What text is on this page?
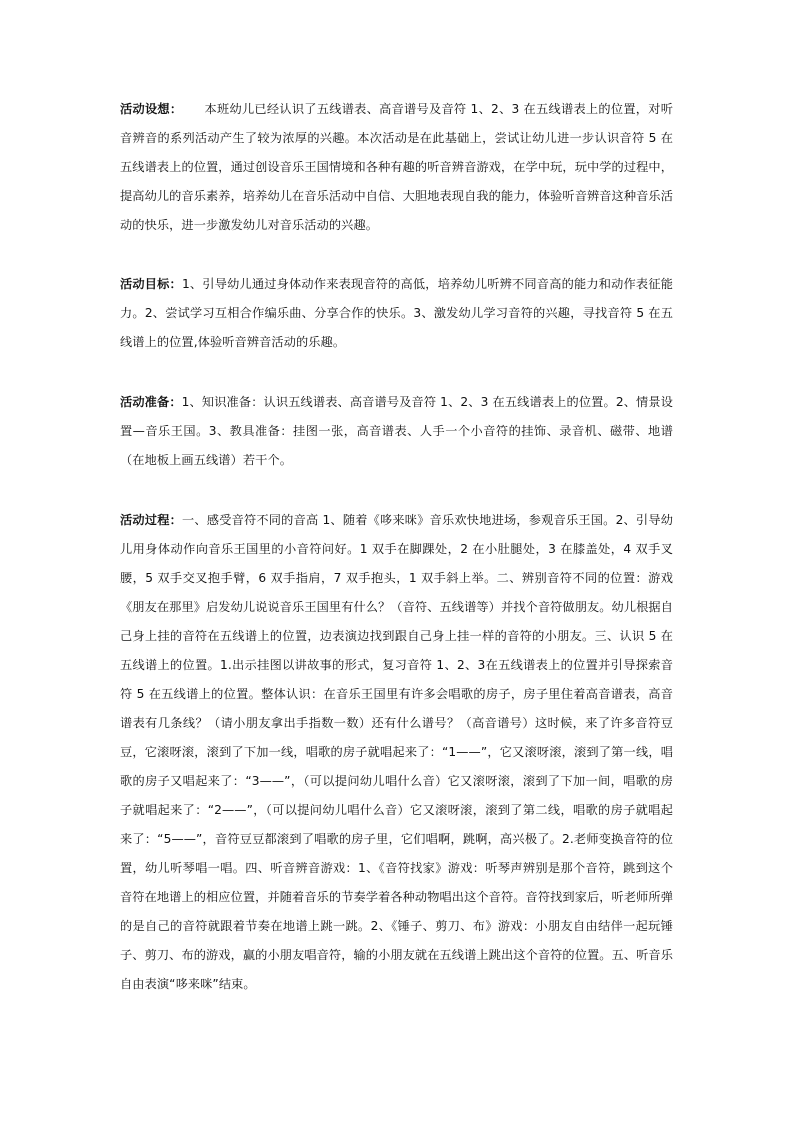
活动设想： 本班幼儿已经认识了五线谱表、高音谱号及音符 1、2、3 在五线谱表上的位置，对听音辨音的系列活动产生了较为浓厚的兴趣。本次活动是在此基础上，尝试让幼儿进一步认识音符 5 在五线谱表上的位置，通过创设音乐王国情境和各种有趣的听音辨音游戏，在学中玩，玩中学的过程中，提高幼儿的音乐素养，培养幼儿在音乐活动中自信、大胆地表现自我的能力，体验听音辨音这种音乐活动的快乐，进一步激发幼儿对音乐活动的兴趣。

活动目标：1、引导幼儿通过身体动作来表现音符的高低，培养幼儿听辨不同音高的能力和动作表征能力。2、尝试学习互相合作编乐曲、分享合作的快乐。3、激发幼儿学习音符的兴趣，寻找音符 5 在五线谱上的位置,体验听音辨音活动的乐趣。

活动准备：1、知识准备：认识五线谱表、高音谱号及音符 1、2、3 在五线谱表上的位置。2、情景设置—音乐王国。3、教具准备：挂图一张，高音谱表、人手一个小音符的挂饰、录音机、磁带、地谱（在地板上画五线谱）若干个。

活动过程：一、感受音符不同的音高 1、随着《哆来咪》音乐欢快地进场，参观音乐王国。2、引导幼儿用身体动作向音乐王国里的小音符问好。1 双手在脚踝处，2 在小肚腿处，3 在膝盖处，4 双手叉腰，5 双手交叉抱手臂，6 双手指肩，7 双手抱头，1 双手斜上举。二、辨别音符不同的位置：游戏《朋友在那里》启发幼儿说说音乐王国里有什么？（音符、五线谱等）并找个音符做朋友。幼儿根据自己身上挂的音符在五线谱上的位置，边表演边找到跟自己身上挂一样的音符的小朋友。三、认识 5 在五线谱上的位置。1.出示挂图以讲故事的形式，复习音符 1、2、3在五线谱表上的位置并引导探索音符 5 在五线谱上的位置。整体认识：在音乐王国里有许多会唱歌的房子，房子里住着高音谱表，高音谱表有几条线？（请小朋友拿出手指数一数）还有什么谱号？（高音谱号）这时候，来了许多音符豆豆，它滚呀滚，滚到了下加一线，唱歌的房子就唱起来了：“1——”，它又滚呀滚，滚到了第一线，唱歌的房子又唱起来了：“3——”，（可以提问幼儿唱什么音）它又滚呀滚，滚到了下加一间，唱歌的房子就唱起来了：“2——”，（可以提问幼儿唱什么音）它又滚呀滚，滚到了第二线，唱歌的房子就唱起来了：“5——”，音符豆豆都滚到了唱歌的房子里，它们唱啊，跳啊，高兴极了。2.老师变换音符的位置，幼儿听琴唱一唱。四、听音辨音游戏：1、《音符找家》游戏：听琴声辨别是那个音符，跳到这个音符在地谱上的相应位置，并随着音乐的节奏学着各种动物唱出这个音符。音符找到家后，听老师所弹的是自己的音符就跟着节奏在地谱上跳一跳。2、《锤子、剪刀、布》游戏：小朋友自由结伴一起玩锤子、剪刀、布的游戏，赢的小朋友唱音符，输的小朋友就在五线谱上跳出这个音符的位置。五、听音乐自由表演“哆来咪”结束。
